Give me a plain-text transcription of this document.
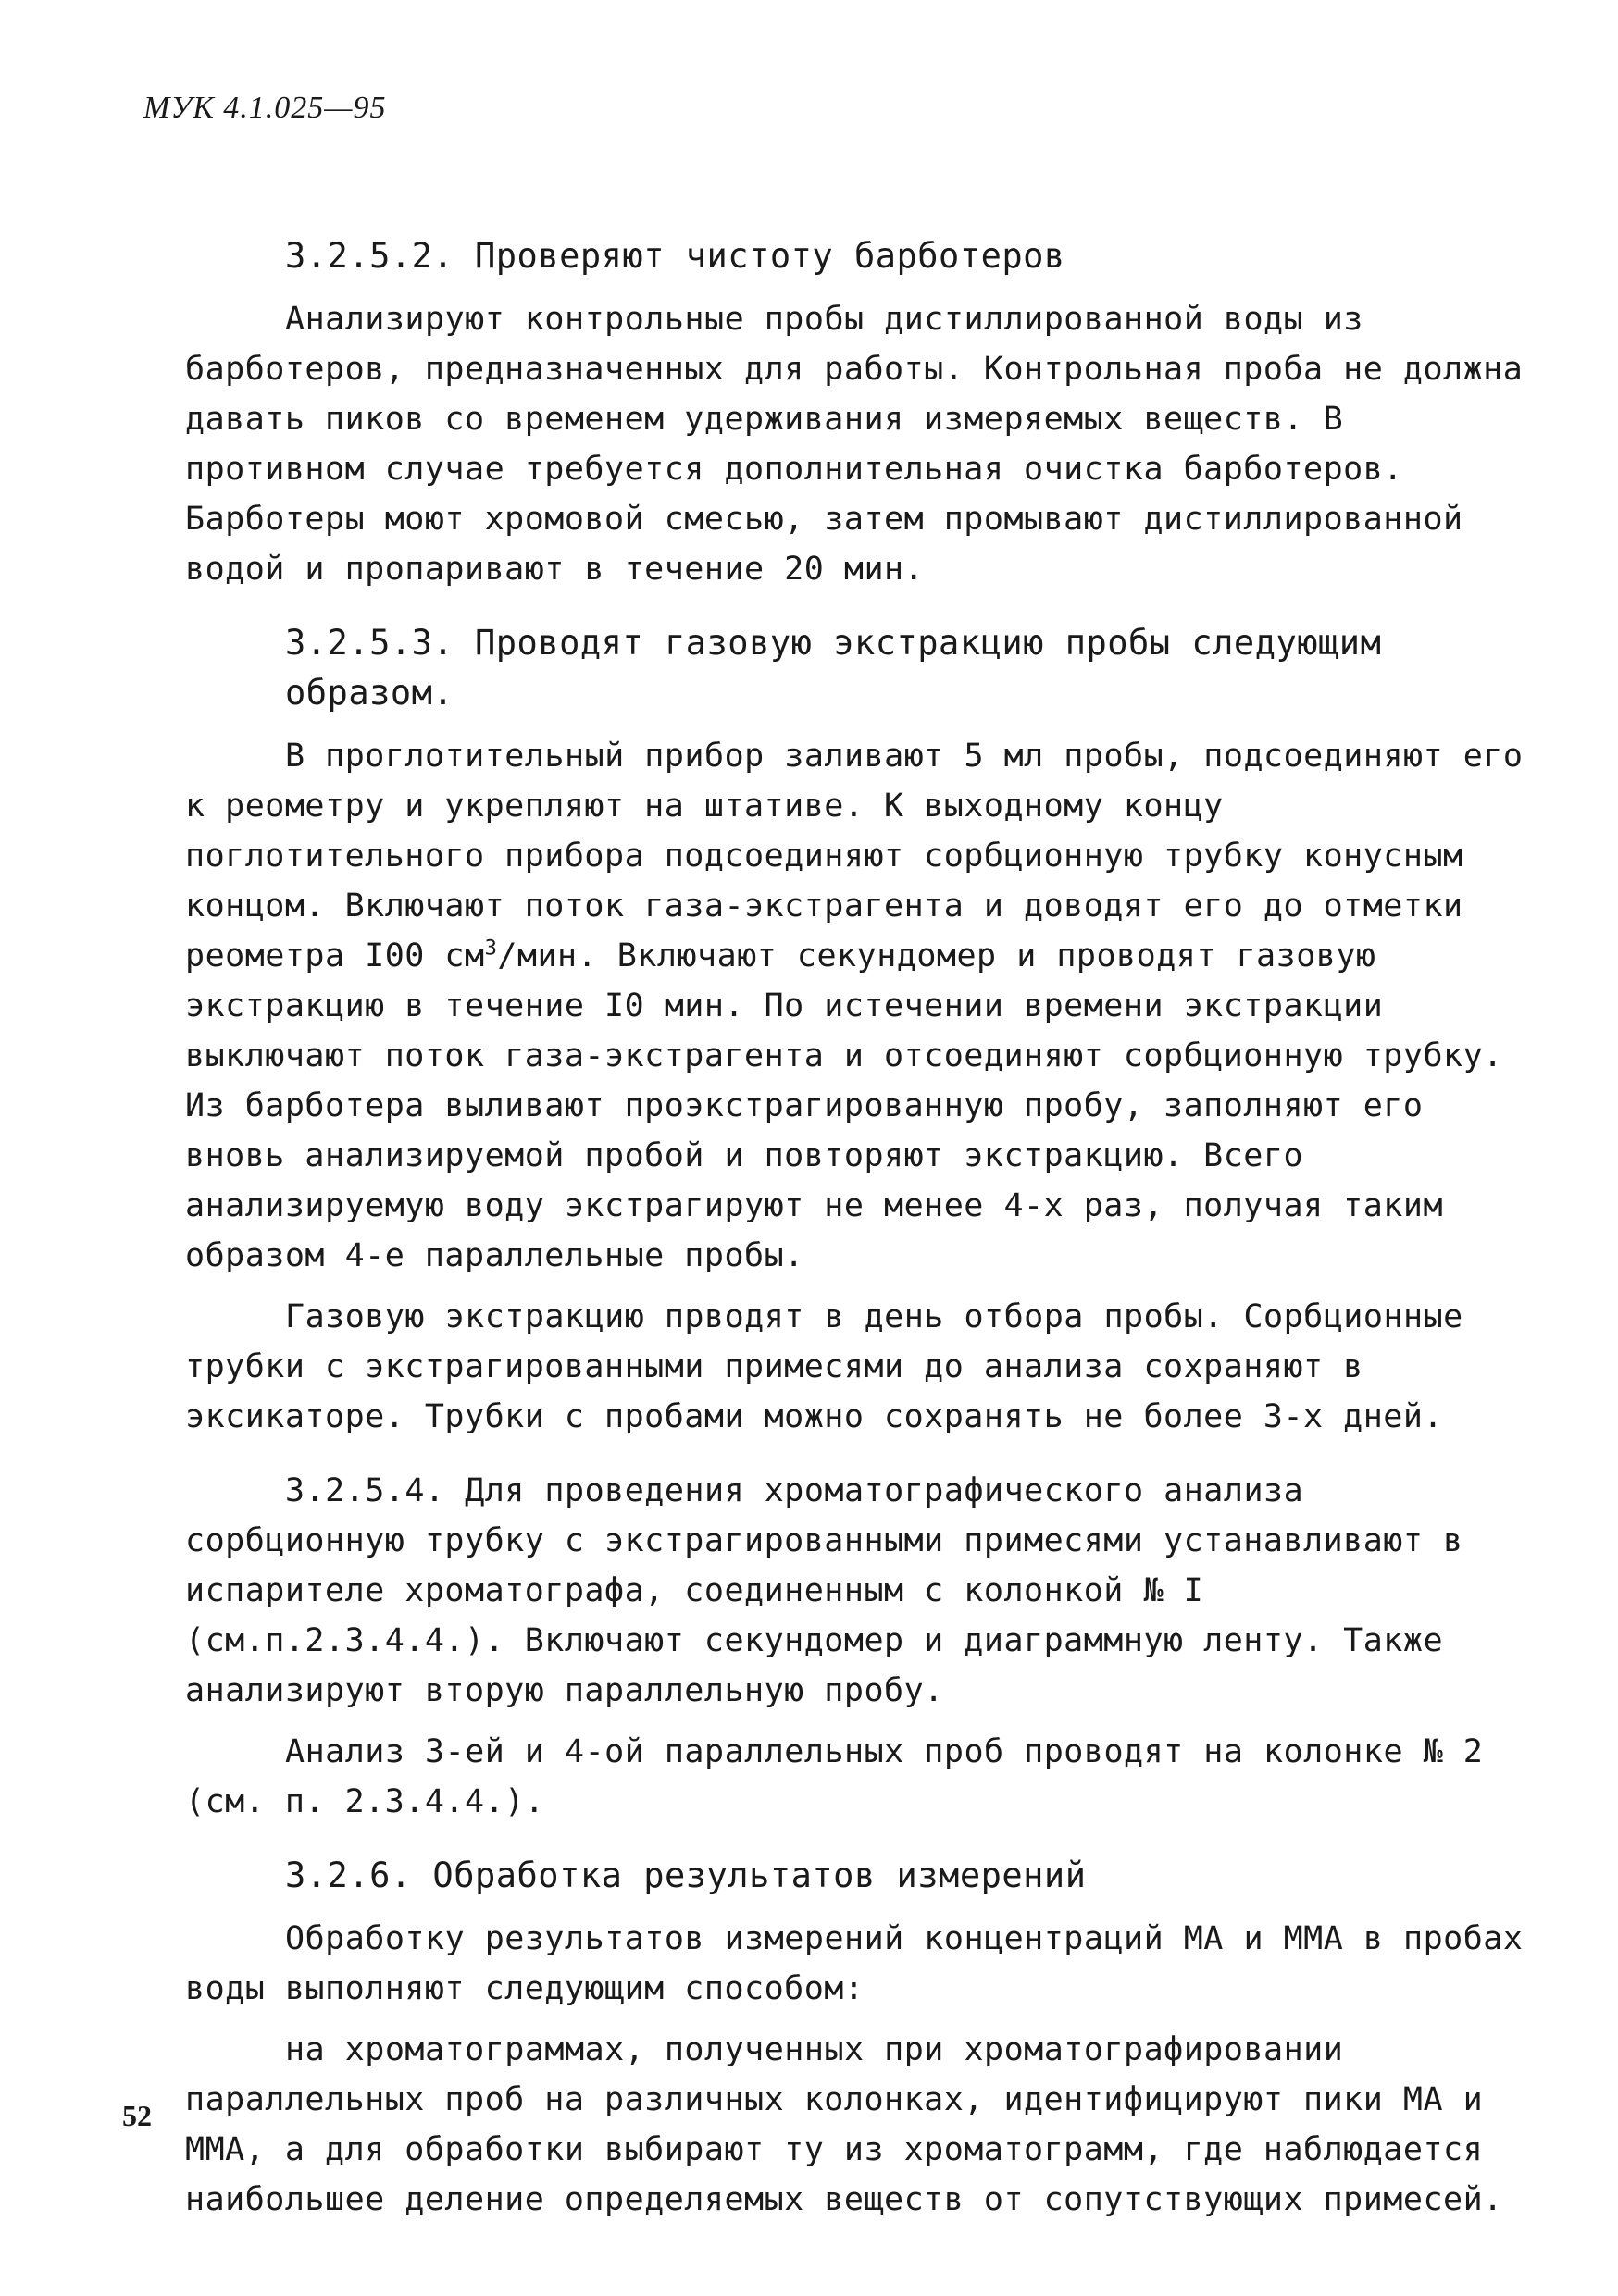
МУК 4.1.025—95
3.2.5.2. Проверяют чистоту барботеров

Анализируют контрольные пробы дистиллированной воды из барботеров, предназначенных для работы. Контрольная проба не должна давать пиков со временем удерживания измеряемых веществ. В противном случае требуется дополнительная очистка барботеров. Барботеры моют хромовой смесью, затем промывают дистиллированной водой и пропаривают в течение 20 мин.

3.2.5.3. Проводят газовую экстракцию пробы следующим образом.

В проглотительный прибор заливают 5 мл пробы, подсоединяют его к реометру и укрепляют на штативе. К выходному концу поглотительного прибора подсоединяют сорбционную трубку конусным концом. Включают поток газа-экстрагента и доводят его до отметки реометра I00 $см^3$/мин. Включают секундомер и проводят газовую экстракцию в течение I0 мин. По истечении времени экстракции выключают поток газа-экстрагента и отсоединяют сорбционную трубку. Из барботера выливают проэкстрагированную пробу, заполняют его вновь анализируемой пробой и повторяют экстракцию. Всего анализируемую воду экстрагируют не менее 4-х раз, получая таким образом 4-е параллельные пробы.

Газовую экстракцию прводят в день отбора пробы. Сорбционные трубки с экстрагированными примесями до анализа сохраняют в эксикаторе. Трубки с пробами можно сохранять не более 3-х дней.

3.2.5.4. Для проведения хроматографического анализа сорбционную трубку с экстрагированными примесями устанавливают в испарителе хроматографа, соединенным с колонкой № I (см.п.2.3.4.4.). Включают секундомер и диаграммную ленту. Также анализируют вторую параллельную пробу.

Анализ 3-ей и 4-ой параллельных проб проводят на колонке № 2 (см. п. 2.3.4.4.).

3.2.6. Обработка результатов измерений

Обработку результатов измерений концентраций МА и ММА в пробах воды выполняют следующим способом:

на хроматограммах, полученных при хроматографировании параллельных проб на различных колонках, идентифицируют пики МА и ММА, а для обработки выбирают ту из хроматограмм, где наблюдается наибольшее деление определяемых веществ от сопутствующих примесей.

52
